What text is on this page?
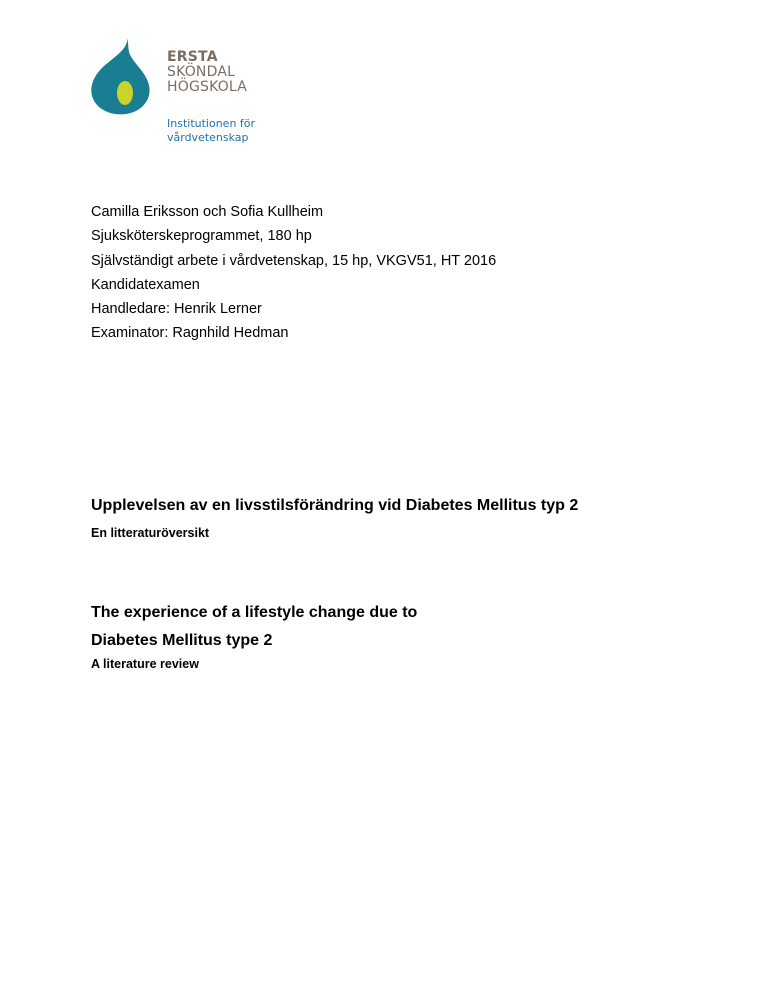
ERSTA
SKÖNDAL
HÖGSKOLA
Institutionen för
vårdvetenskap
Camilla Eriksson och Sofia Kullheim
Sjuksköterskeprogrammet, 180 hp
Självständigt arbete i vårdvetenskap, 15 hp, VKGV51, HT 2016
Kandidatexamen
Handledare: Henrik Lerner
Examinator: Ragnhild Hedman
Upplevelsen av en livsstilsförändring vid Diabetes Mellitus typ 2
En litteraturöversikt
The experience of a lifestyle change due to
Diabetes Mellitus type 2
A literature review
